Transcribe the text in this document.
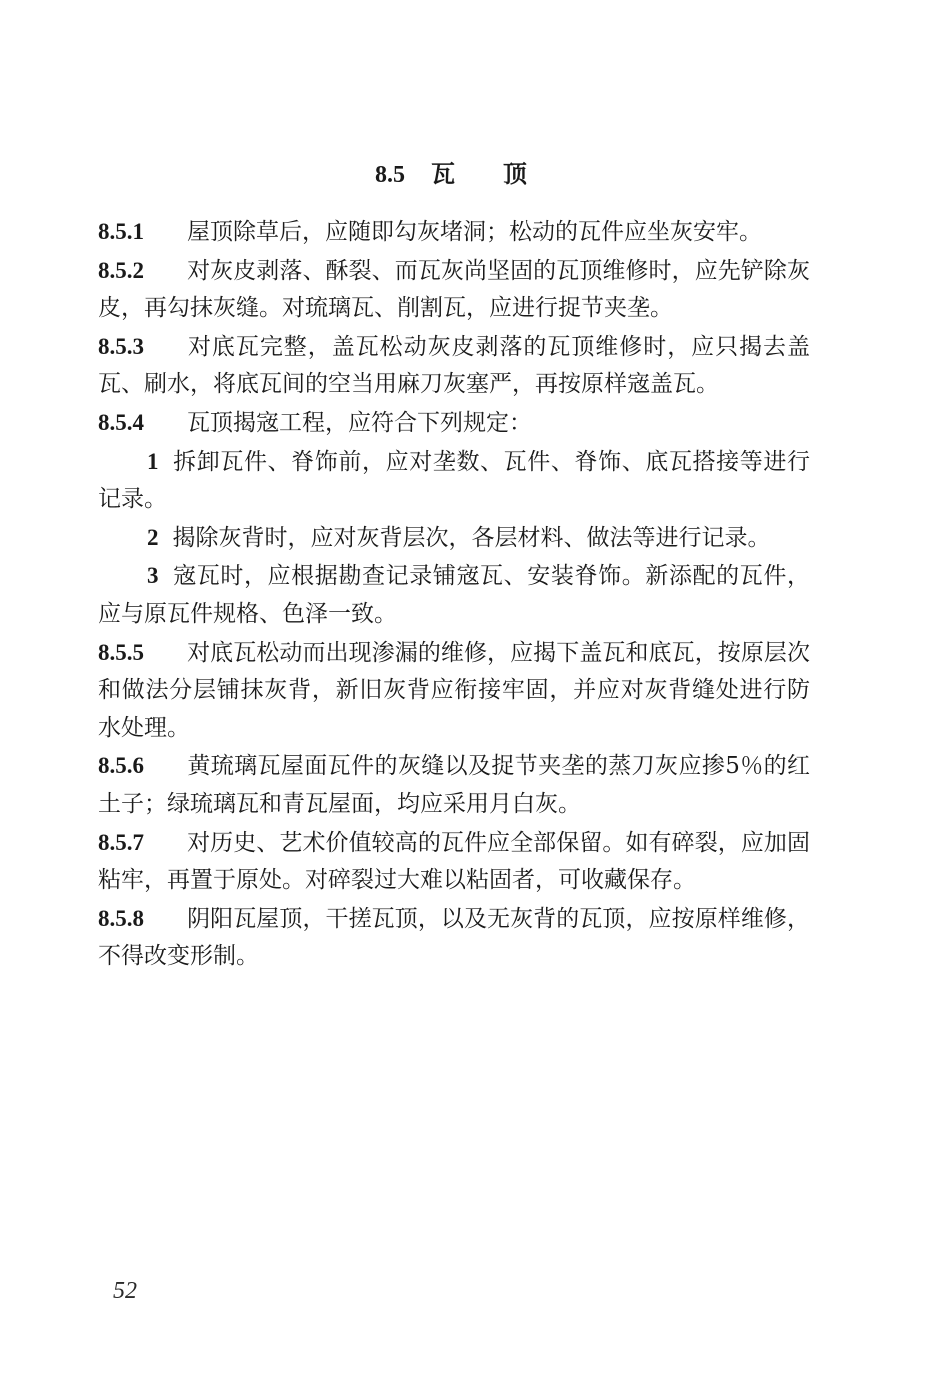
8.5 瓦顶

8.5.1 屋顶除草后，应随即勾灰堵洞；松动的瓦件应坐灰安牢。

8.5.2 对灰皮剥落、酥裂、而瓦灰尚坚固的瓦顶维修时，应先铲除灰皮，再勾抹灰缝。对琉璃瓦、削割瓦，应进行捉节夹垄。

8.5.3 对底瓦完整，盖瓦松动灰皮剥落的瓦顶维修时，应只揭去盖瓦、刷水，将底瓦间的空当用麻刀灰塞严，再按原样宼盖瓦。

8.5.4 瓦顶揭宼工程，应符合下列规定：

1 拆卸瓦件、脊饰前，应对垄数、瓦件、脊饰、底瓦搭接等进行记录。

2 揭除灰背时，应对灰背层次，各层材料、做法等进行记录。

3 宼瓦时，应根据勘查记录铺宼瓦、安装脊饰。新添配的瓦件，应与原瓦件规格、色泽一致。

8.5.5 对底瓦松动而出现渗漏的维修，应揭下盖瓦和底瓦，按原层次和做法分层铺抹灰背，新旧灰背应衔接牢固，并应对灰背缝处进行防水处理。

8.5.6 黄琉璃瓦屋面瓦件的灰缝以及捉节夹垄的蒸刀灰应掺5％的红土子；绿琉璃瓦和青瓦屋面，均应采用月白灰。

8.5.7 对历史、艺术价值较高的瓦件应全部保留。如有碎裂，应加固粘牢，再置于原处。对碎裂过大难以粘固者，可收藏保存。

8.5.8 阴阳瓦屋顶，干搓瓦顶，以及无灰背的瓦顶，应按原样维修，不得改变形制。

52
